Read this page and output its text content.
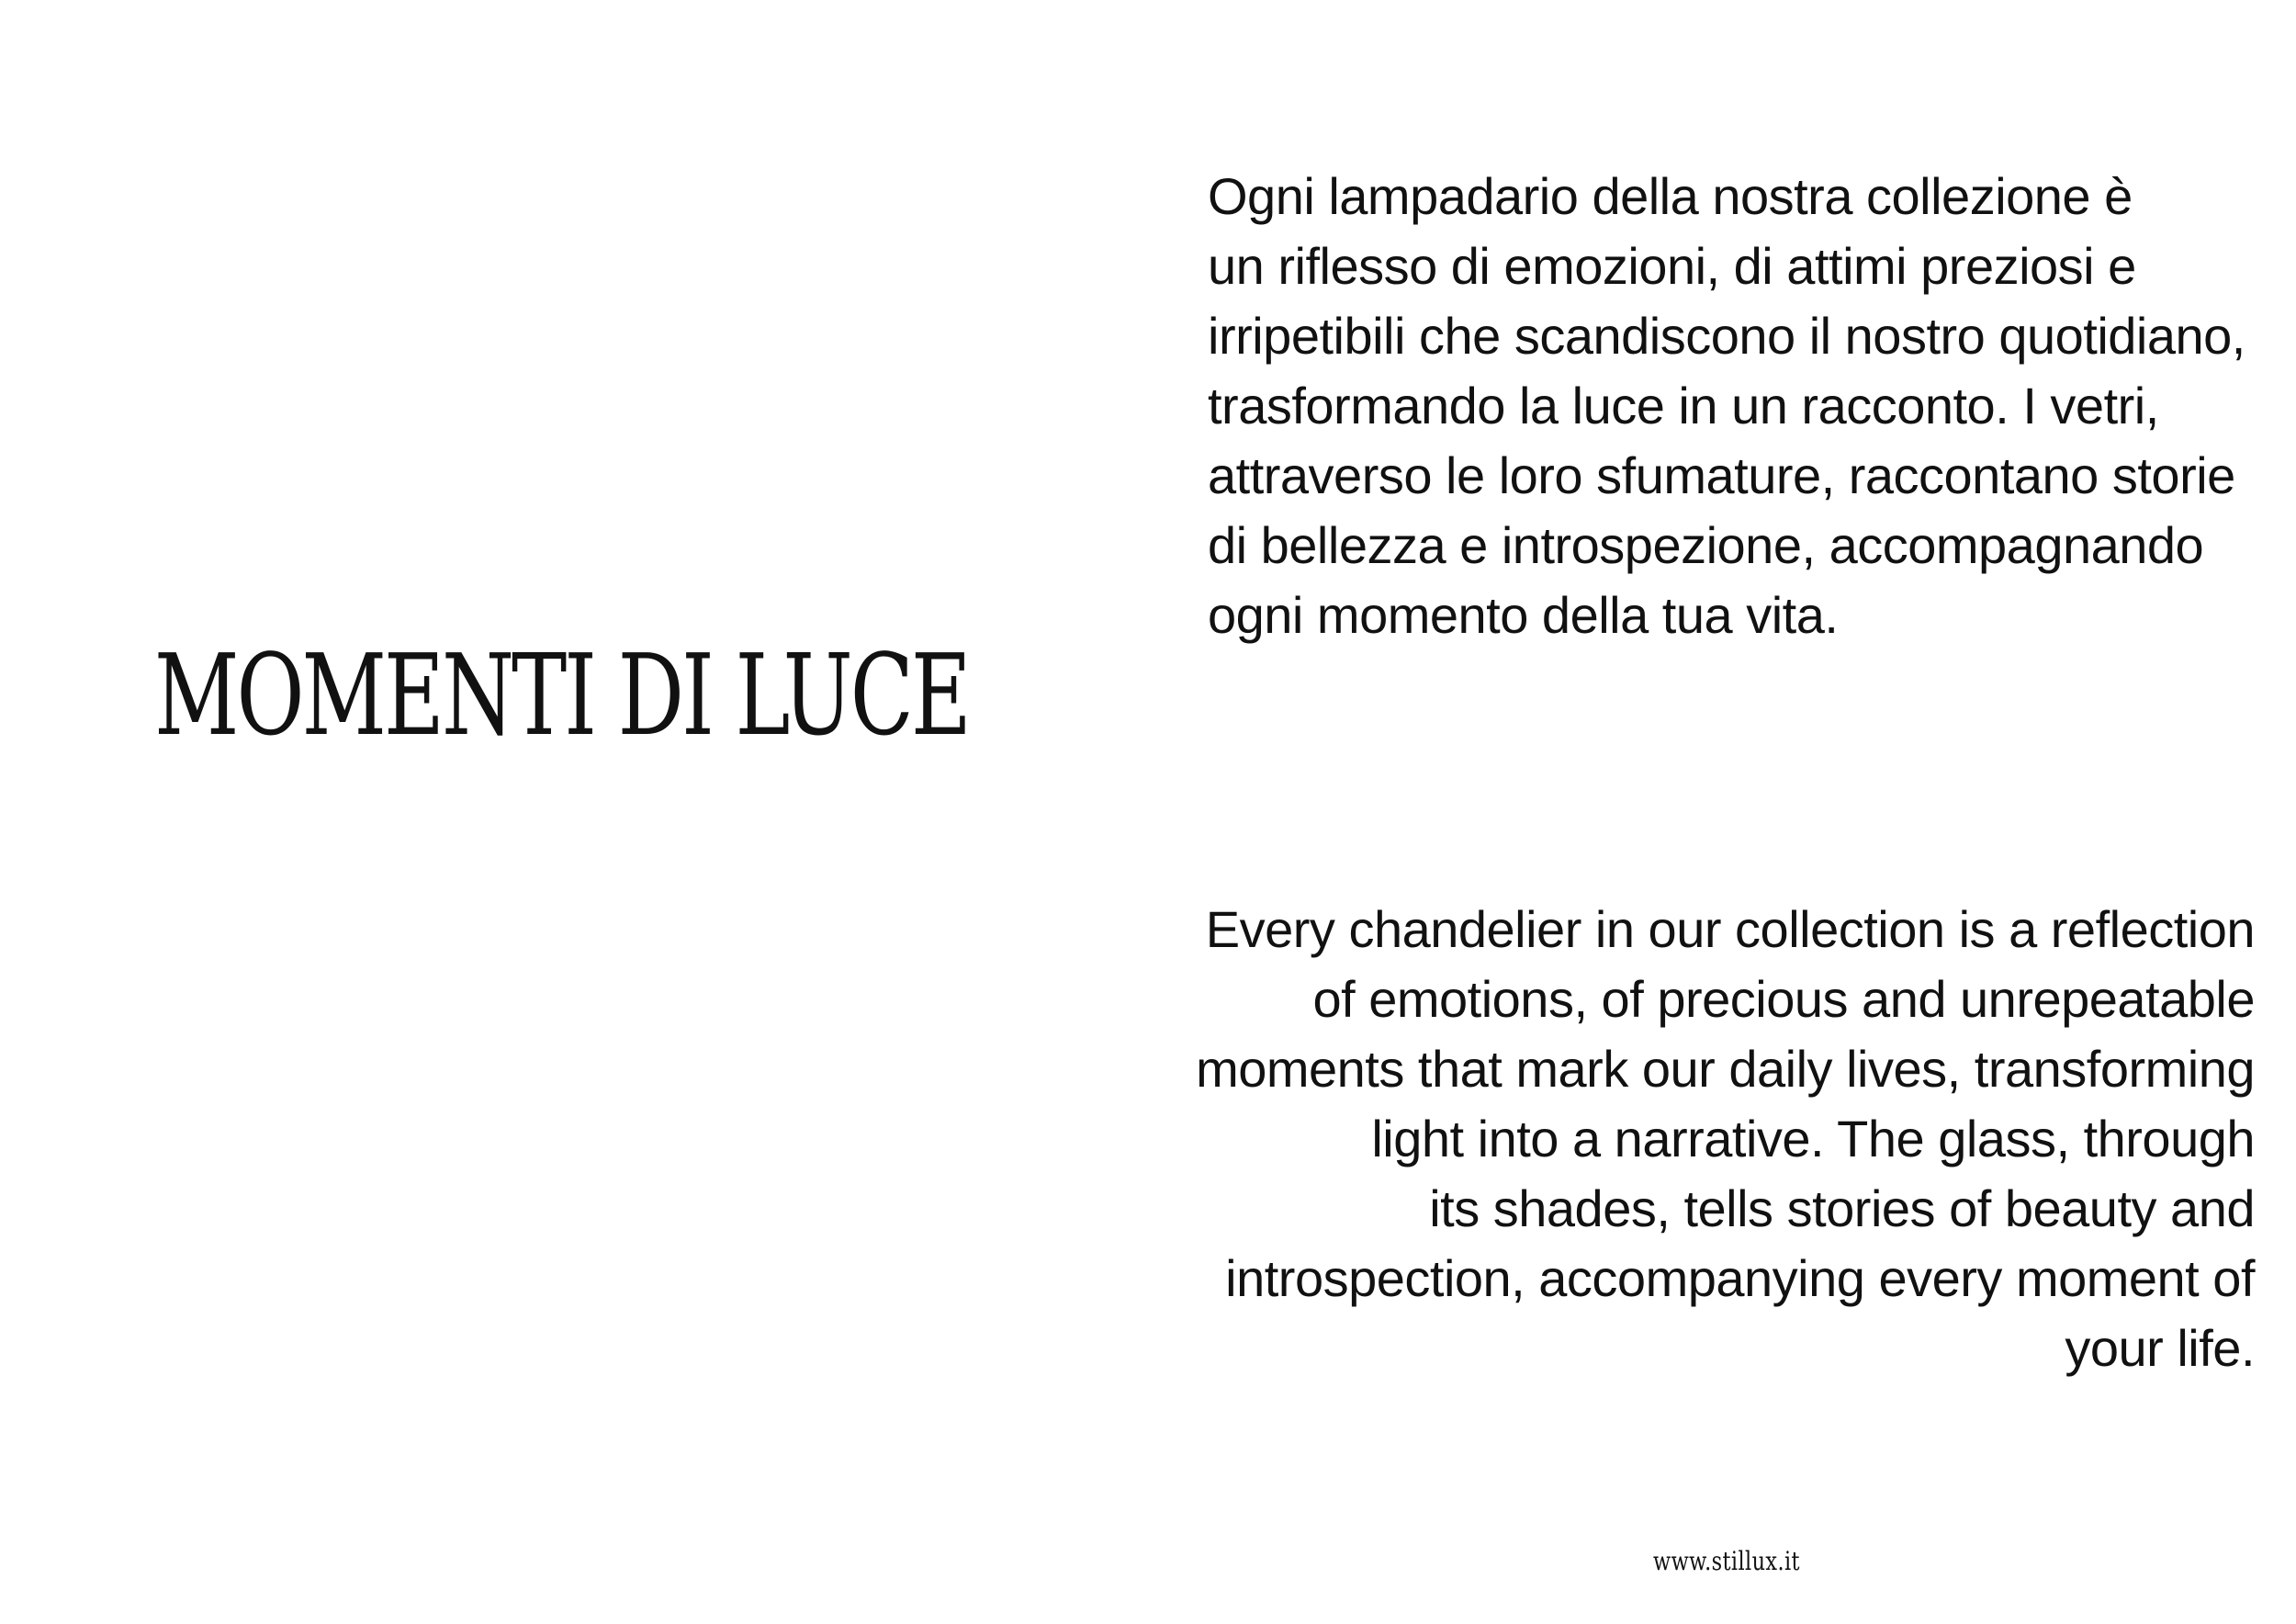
MOMENTI DI LUCE

Ogni lampadario della nostra collezione è
un riflesso di emozioni, di attimi preziosi e
irripetibili che scandiscono il nostro quotidiano,
trasformando la luce in un racconto. I vetri,
attraverso le loro sfumature, raccontano storie
di bellezza e introspezione, accompagnando
ogni momento della tua vita.

Every chandelier in our collection is a reflection
of emotions, of precious and unrepeatable
moments that mark our daily lives, transforming
light into a narrative. The glass, through
its shades, tells stories of beauty and
introspection, accompanying every moment of
your life.

www.stillux.it
